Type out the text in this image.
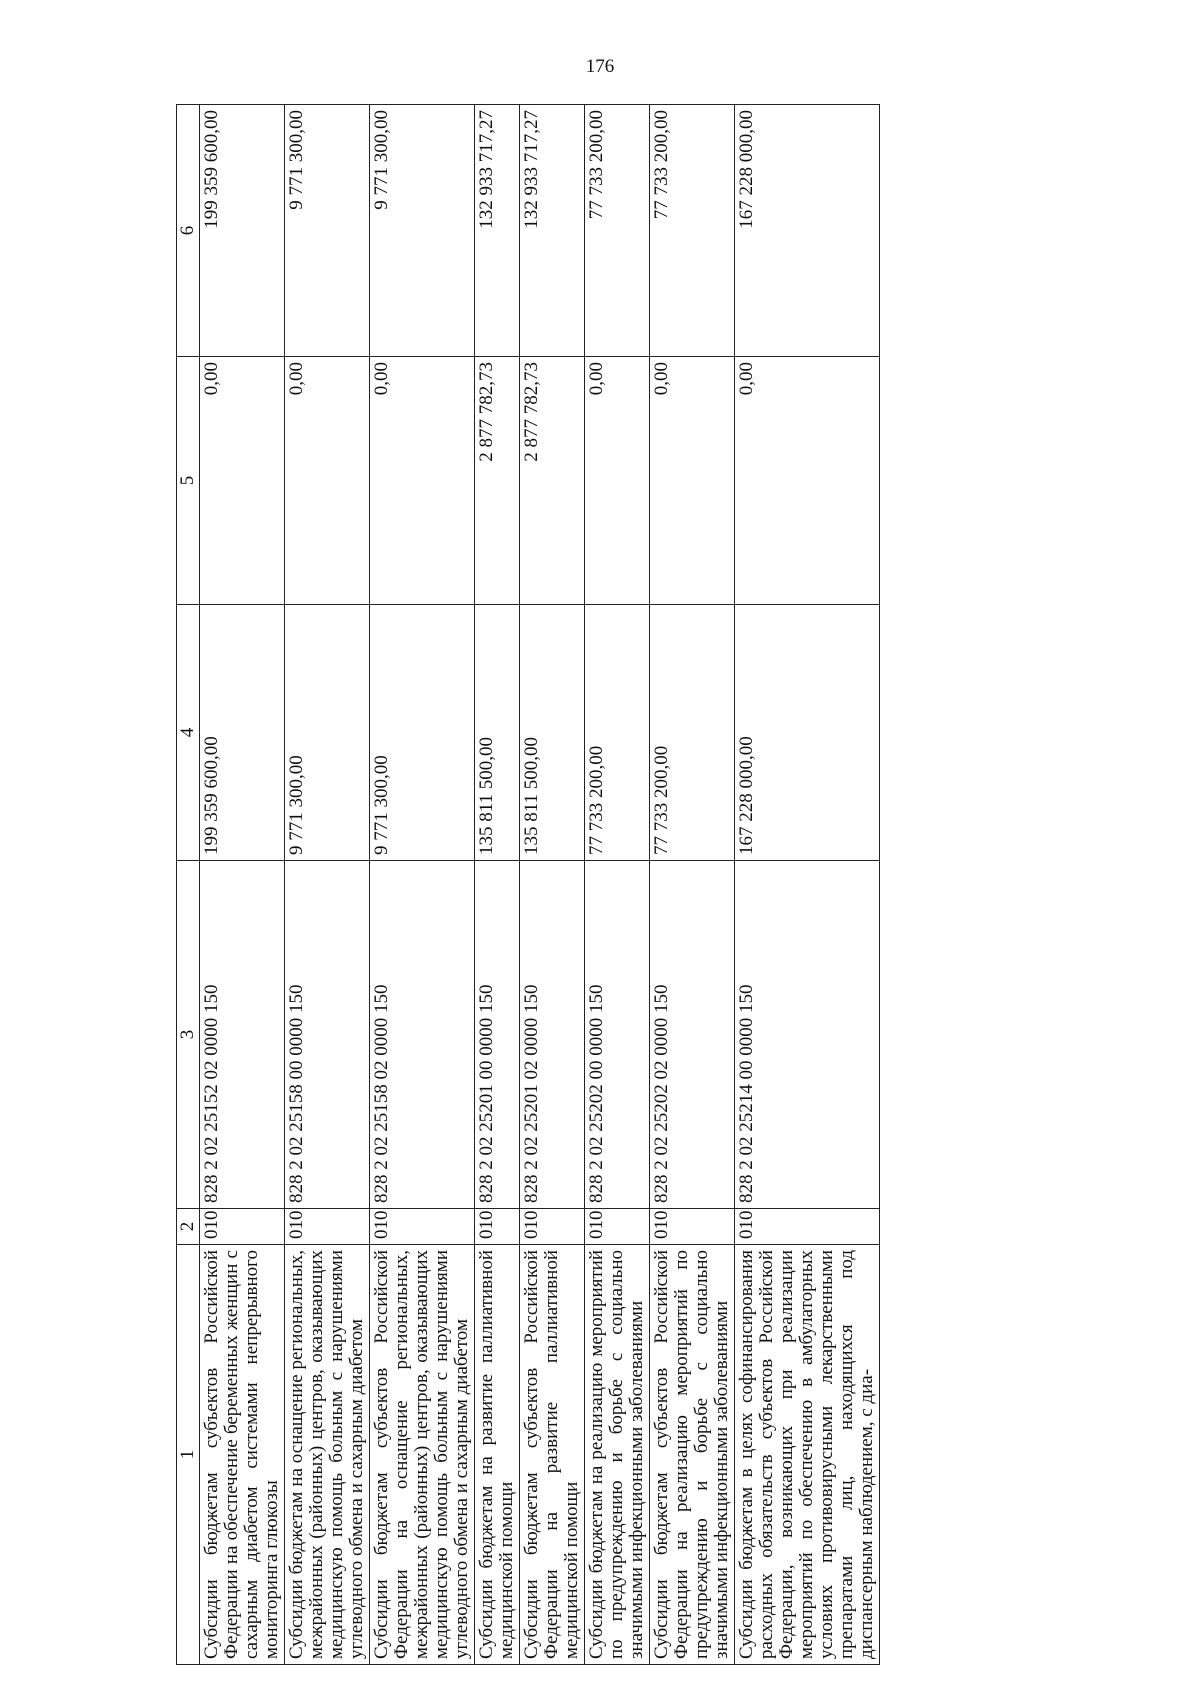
176
1	2	3	4	5	6
Субсидии бюджетам субъектов Российской Федерации на обеспечение беременных женщин с сахарным диабетом системами непрерывного мониторинга глюкозы	010	828 2 02 25152 02 0000 150	199 359 600,00	0,00	199 359 600,00
Субсидии бюджетам на оснащение региональных, межрайонных (районных) центров, оказывающих медицинскую помощь больным с нарушениями углеводного обмена и сахарным диабетом	010	828 2 02 25158 00 0000 150	9 771 300,00	0,00	9 771 300,00
Субсидии бюджетам субъектов Российской Федерации на оснащение региональных, межрайонных (районных) центров, оказывающих медицинскую помощь больным с нарушениями углеводного обмена и сахарным диабетом	010	828 2 02 25158 02 0000 150	9 771 300,00	0,00	9 771 300,00
Субсидии бюджетам на развитие паллиативной медицинской помощи	010	828 2 02 25201 00 0000 150	135 811 500,00	2 877 782,73	132 933 717,27
Субсидии бюджетам субъектов Российской Федерации на развитие паллиативной медицинской помощи	010	828 2 02 25201 02 0000 150	135 811 500,00	2 877 782,73	132 933 717,27
Субсидии бюджетам на реализацию мероприятий по предупреждению и борьбе с социально значимыми инфекционными заболеваниями	010	828 2 02 25202 00 0000 150	77 733 200,00	0,00	77 733 200,00
Субсидии бюджетам субъектов Российской Федерации на реализацию мероприятий по предупреждению и борьбе с социально значимыми инфекционными заболеваниями	010	828 2 02 25202 02 0000 150	77 733 200,00	0,00	77 733 200,00
Субсидии бюджетам в целях софинансирования расходных обязательств субъектов Российской Федерации, возникающих при реализации мероприятий по обеспечению в амбулаторных условиях противовирусными лекарственными препаратами лиц, находящихся под диспансерным наблюдением, с диа-	010	828 2 02 25214 00 0000 150	167 228 000,00	0,00	167 228 000,00
